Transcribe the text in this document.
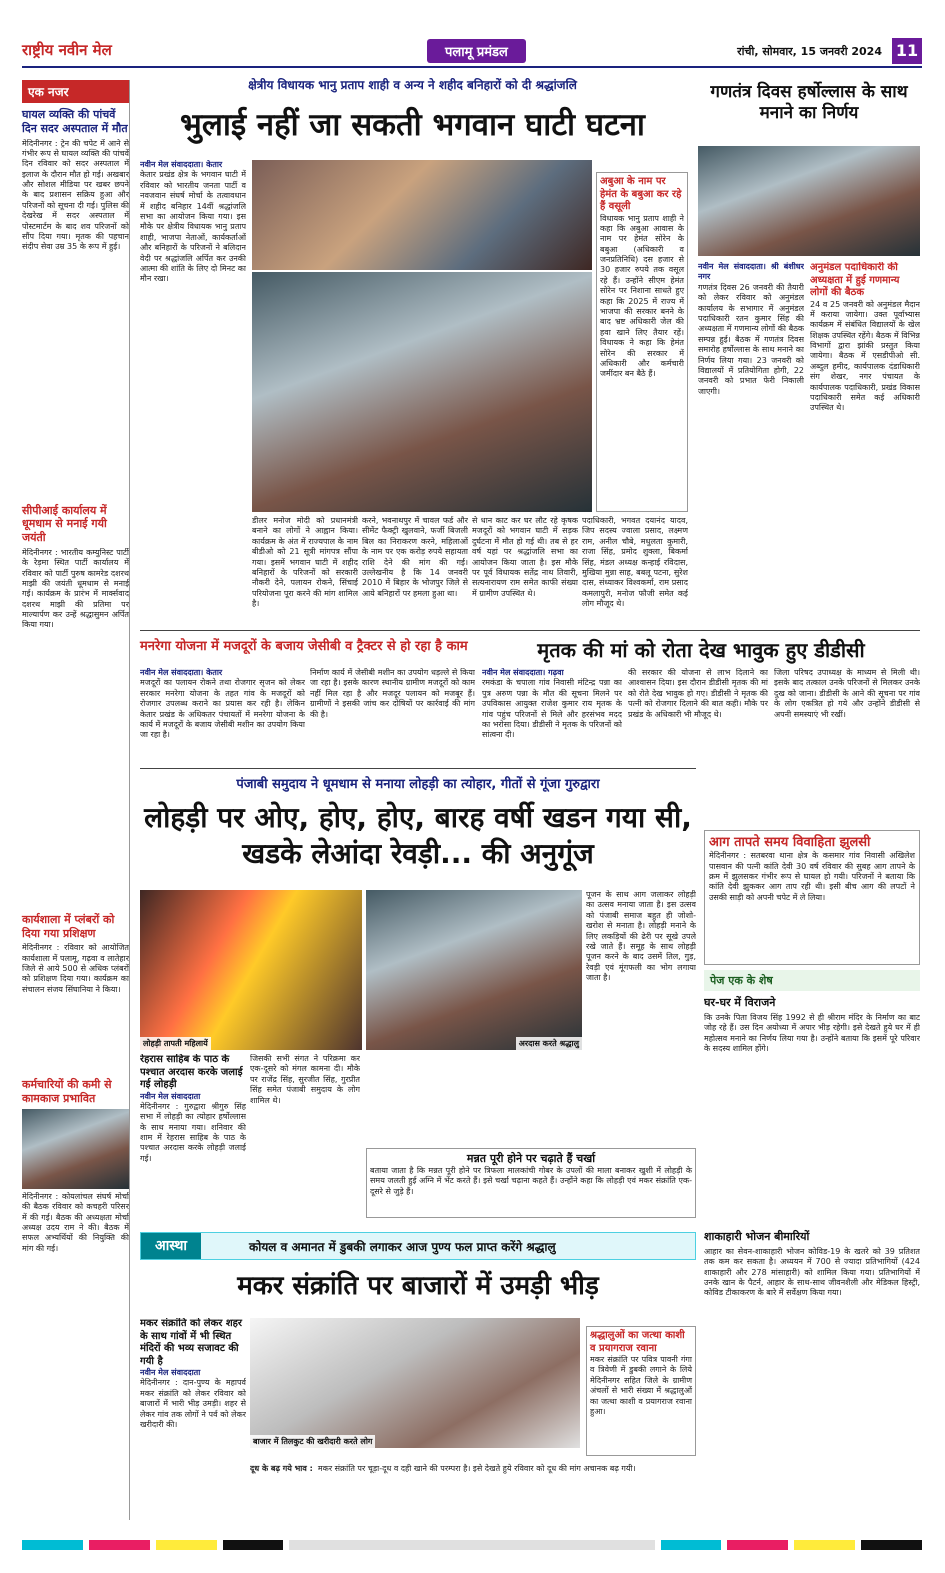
राष्ट्रीय नवीन मेल	पलामू प्रमंडल	रांची, सोमवार, 15 जनवरी 2024 11
एक नजर
घायल व्यक्ति की पांचवें दिन सदर अस्पताल में मौत
मेदिनीनगर : ट्रेन की चपेट में आने से गंभीर रूप से घायल व्यक्ति की पांचवें दिन रविवार को सदर अस्पताल में इलाज के दौरान मौत हो गई। अखबार और सोशल मीडिया पर खबर छपने के बाद प्रशासन सक्रिय हुआ और परिजनों को सूचना दी गई। पुलिस की देखरेख में सदर अस्पताल में पोस्टमार्टम के बाद शव परिजनों को सौंप दिया गया। मृतक की पहचान संदीप सेवा उम्र 35 के रूप में हुई।
सीपीआई कार्यालय में धूमधाम से मनाई गयी जयंती
मेदिनीनगर : भारतीय कम्युनिस्ट पार्टी के रेड़मा स्थित पार्टी कार्यालय में रविवार को पार्टी पुरुष कामरेड दशरथ माझी की जयंती धूमधाम से मनाई गई। कार्यक्रम के प्रारंभ में मार्क्सवाद दशरथ माझी की प्रतिमा पर माल्यार्पण कर उन्हें श्रद्धासुमन अर्पित किया गया।
कार्यशाला में प्लंबरों को दिया गया प्रशिक्षण
मेदिनीनगर : रविवार को आयोजित कार्यशाला में पलामू, गढ़वा व लातेहार जिले से आये 500 से अधिक प्लंबरों को प्रशिक्षण दिया गया। कार्यक्रम का संचालन संजय सिंघानिया ने किया।
कर्मचारियों की कमी से कामकाज प्रभावित
मेदिनीनगर : कोयलांचल संघर्ष मोर्चा की बैठक रविवार को कचहरी परिसर में की गई। बैठक की अध्यक्षता मोर्चा अध्यक्ष उदय राम ने की। बैठक में सफल अभ्यर्थियों की नियुक्ति की मांग की गई।
क्षेत्रीय विधायक भानु प्रताप शाही व अन्य ने शहीद बनिहारों को दी श्रद्धांजलि
भुलाई नहीं जा सकती भगवान घाटी घटना
नवीन मेल संवाददाता। केतार
केतार प्रखंड क्षेत्र के भगवान घाटी में रविवार को भारतीय जनता पार्टी व नवजवान संघर्ष मोर्चा के तत्वावधान में शहीद बनिहार 14वीं श्रद्धांजलि सभा का आयोजन किया गया। इस मौके पर क्षेत्रीय विधायक भानु प्रताप शाही, भाजपा नेताओं, कार्यकर्ताओं और बनिहारों के परिजनों ने बलिदान वेदी पर श्रद्धांजलि अर्पित कर उनकी आत्मा की शांति के लिए दो मिनट का मौन रखा।
अबुआ के नाम पर हेमंत के बबुआ कर रहे हैं वसूली
विधायक भानु प्रताप शाही ने कहा कि अबुआ आवास के नाम पर हेमंत सोरेन के बबुआ (अधिकारी व जनप्रतिनिधि) दस हजार से 30 हजार रुपये तक वसूल रहे हैं। उन्होंने सीएम हेमंत सोरेन पर निशाना साधते हुए कहा कि 2025 में राज्य में भाजपा की सरकार बनने के बाद भ्रष्ट अधिकारी जेल की हवा खाने लिए तैयार रहें। विधायक ने कहा कि हेमंत सोरेन की सरकार में अधिकारी और कर्मचारी जमींदार बन बैठे हैं।
डीलर मनोज मोदी को प्रधानमंत्री बनाने का लोगों ने आह्वान किया। कार्यक्रम के अंत में राज्यपाल के नाम बीडीओ को 21 सूत्री मांगपत्र सौंपा गया। इसमें भगवान घाटी में शहीद बनिहारों के परिजनों को सरकारी नौकरी देने, पलायन रोकने, सिंचाई परियोजना पूरा करने की मांग शामिल है।
करने, भवनाथपुर में चावल फर्ड और सीमेंट फैक्ट्री खुलवाने, फर्जी बिजली बिल का निराकरण करने, महिलाओं के नाम पर एक करोड़ रुपये सहायता राशि देने की मांग की गई। उल्लेखनीय है कि 14 जनवरी 2010 में बिहार के भोजपुर जिले से आये बनिहारों पर हमला हुआ था।
से धान काट कर घर लौट रहे कृषक मजदूरों को भगवान घाटी में सड़क दुर्घटना में मौत हो गई थी। तब से हर वर्ष यहां पर श्रद्धांजलि सभा का आयोजन किया जाता है। इस मौके पर पूर्व विधायक सतेंद्र नाथ तिवारी, सत्यनारायण राम समेत काफी संख्या में ग्रामीण उपस्थित थे।
पदाधिकारी, भगवत दयानंद यादव, जिप सदस्य ज्वाला प्रसाद, लक्ष्मण राम, अनील चौबे, मधुलता कुमारी, राजा सिंह, प्रमोद शुक्ला, बिकर्मा सिंह, मंडल अध्यक्ष कन्हाई रविदास, मुखिया मुन्ना साह, बबलू पटना, सुरेश दास, संध्याकर विश्वकर्मा, राम प्रसाद कमलापुरी, मनोज फौजी समेत कई लोग मौजूद थे।
गणतंत्र दिवस हर्षोल्लास के साथ मनाने का निर्णय
नवीन मेल संवाददाता। श्री बंशीधर नगर
गणतंत्र दिवस 26 जनवरी की तैयारी को लेकर रविवार को अनुमंडल कार्यालय के सभागार में अनुमंडल पदाधिकारी रतन कुमार सिंह की अध्यक्षता में गणमान्य लोगों की बैठक सम्पन्न हुई। बैठक में गणतंत्र दिवस समारोह हर्षोल्लास के साथ मनाने का निर्णय लिया गया। 23 जनवरी को विद्यालयों में प्रतियोगिता होगी, 22 जनवरी को प्रभात फेरी निकाली जाएगी।
अनुमंडल पदाधिकारी की अध्यक्षता में हुई गणमान्य लोगों की बैठक
24 व 25 जनवरी को अनुमंडल मैदान में कराया जायेगा। उक्त पूर्वाभ्यास कार्यक्रम में संबंधित विद्यालयों के खेल शिक्षक उपस्थित रहेंगे। बैठक में विभिन्न विभागों द्वारा झांकी प्रस्तुत किया जायेगा। बैठक में एसडीपीओ सी. अब्दुल हमीद, कार्यपालक दंडाधिकारी संग शेखर, नगर पंचायत के कार्यपालक पदाधिकारी, प्रखंड विकास पदाधिकारी समेत कई अधिकारी उपस्थित थे।
मनरेगा योजना में मजदूरों के बजाय जेसीबी व ट्रैक्टर से हो रहा है काम
नवीन मेल संवाददाता। केतार
मजदूरों का पलायन रोकने तथा रोजगार सृजन को लेकर सरकार मनरेगा योजना के तहत गांव के मजदूरों को रोजगार उपलब्ध कराने का प्रयास कर रही है। लेकिन केतार प्रखंड के अधिकतर पंचायतों में मनरेगा योजना के कार्य में मजदूरों के बजाय जेसीबी मशीन का उपयोग किया जा रहा है।
निर्माण कार्य में जेसीबी मशीन का उपयोग धड़ल्ले से किया जा रहा है। इसके कारण स्थानीय ग्रामीण मजदूरों को काम नहीं मिल रहा है और मजदूर पलायन को मजबूर हैं। ग्रामीणों ने इसकी जांच कर दोषियों पर कार्रवाई की मांग की है।
मृतक की मां को रोता देख भावुक हुए डीडीसी
नवीन मेल संवाददाता। गढ़वा
रमकंडा के चपाला गांव निवासी मंटिन्द्र पन्ना का पुत्र अरुण पन्ना के मौत की सूचना मिलने पर उपविकास आयुक्त राजेश कुमार राय मृतक के गांव पहुंच परिजनों से मिले और हरसंभव मदद का भरोसा दिया। डीडीसी ने मृतक के परिजनों को सांत्वना दी।
की सरकार की योजना से लाभ दिलाने का आश्वासन दिया। इस दौरान डीडीसी मृतक की मां को रोते देख भावुक हो गए। डीडीसी ने मृतक की पत्नी को रोजगार दिलाने की बात कही। मौके पर प्रखंड के अधिकारी भी मौजूद थे।
जिला परिषद उपाध्यक्ष के माध्यम से मिली थी। इसके बाद तत्काल उनके परिजनों से मिलकर उनके दुख को जाना। डीडीसी के आने की सूचना पर गांव के लोग एकत्रित हो गये और उन्होंने डीडीसी से अपनी समस्याएं भी रखीं।
पंजाबी समुदाय ने धूमधाम से मनाया लोहड़ी का त्योहार, गीतों से गूंजा गुरुद्वारा
लोहड़ी पर ओए, होए, होए, बारह वर्षी खडन गया सी, खडके लेआंदा रेवड़ी... की अनुगूंज
लोहड़ी तापती महिलायें	अरदास करते श्रद्धालु
पूजन के साथ आग जलाकर लोहड़ी का उत्सव मनाया जाता है। इस उत्सव को पंजाबी समाज बहुत ही जोशो-खरोश से मनाता है। लोहड़ी मनाने के लिए लकड़ियों की ढेरी पर सूखे उपले रखे जाते हैं। समूह के साथ लोहड़ी पूजन करने के बाद उसमें तिल, गुड़, रेवड़ी एवं मूंगफली का भोग लगाया जाता है।
रेहरास साहिब के पाठ के पश्चात अरदास करके जलाई गई लोहड़ी
नवीन मेल संवाददाता
मेदिनीनगर : गुरुद्वारा श्रीगुरु सिंह सभा में लोहड़ी का त्योहार हर्षोल्लास के साथ मनाया गया। शनिवार की शाम में रेहरास साहिब के पाठ के पश्चात अरदास करके लोहड़ी जलाई गई।
जिसकी सभी संगत ने परिक्रमा कर एक-दूसरे को मंगल कामना दी। मौके पर राजेंद्र सिंह, सुरजीत सिंह, गुरप्रीत सिंह समेत पंजाबी समुदाय के लोग शामिल थे।
मन्नत पूरी होने पर चढ़ाते हैं चर्खा
बताया जाता है कि मन्नत पूरी होने पर त्रिफला मालकांची गोबर के उपलों की माला बनाकर खुशी में लोहड़ी के समय जलती हुई अग्नि में भेंट करते हैं। इसे चर्खा चढ़ाना कहते हैं। उन्होंने कहा कि लोहड़ी एवं मकर संक्रांति एक-दूसरे से जुड़े हैं।
आग तापते समय विवाहिता झुलसी
मेदिनीनगर : सतबरवा थाना क्षेत्र के कसमार गांव निवासी अखिलेश पासवान की पत्नी कांति देवी 30 वर्ष रविवार की सुबह आग तापने के क्रम में झुलसकर गंभीर रूप से घायल हो गयी। परिजनों ने बताया कि कांति देवी झुककर आग ताप रही थी। इसी बीच आग की लपटों ने उसकी साड़ी को अपनी चपेट में ले लिया।
पेज एक के शेष
घर-घर में विराजने
कि उनके पिता विजय सिंह 1992 से ही श्रीराम मंदिर के निर्माण का बाट जोह रहे हैं। उस दिन अयोध्या में अपार भीड़ रहेगी। इसे देखते हुये घर में ही महोत्सव मनाने का निर्णय लिया गया है। उन्होंने बताया कि इसमें पूरे परिवार के सदस्य शामिल होंगे।
शाकाहारी भोजन बीमारियों
आहार का सेवन-शाकाहारी भोजन कोविड-19 के खतरे को 39 प्रतिशत तक कम कर सकता है। अध्ययन में 700 से ज्यादा प्रतिभागियों (424 शाकाहारी और 278 मांसाहारी) को शामिल किया गया। प्रतिभागियों में उनके खान के पैटर्न, आहार के साथ-साथ जीवनशैली और मेडिकल हिस्ट्री, कोविड टीकाकरण के बारे में सर्वेक्षण किया गया।
आस्था	कोयल व अमानत में डुबकी लगाकर आज पुण्य फल प्राप्त करेंगे श्रद्धालु
मकर संक्रांति पर बाजारों में उमड़ी भीड़
मकर संक्रांति को लेकर शहर के साथ गांवों में भी स्थित मंदिरों की भव्य सजावट की गयी है
नवीन मेल संवाददाता
मेदिनीनगर : दान-पुण्य के महापर्व मकर संक्रांति को लेकर रविवार को बाजारों में भारी भीड़ उमड़ी। शहर से लेकर गांव तक लोगों ने पर्व को लेकर खरीदारी की।
बाजार में तिलकुट की खरीदारी करते लोग
श्रद्धालुओं का जत्था काशी व प्रयागराज रवाना
मकर संक्रांति पर पवित्र पावनी गंगा व त्रिवेणी में डुबकी लगाने के लिये मेदिनीनगर सहित जिले के ग्रामीण अंचलों से भारी संख्या में श्रद्धालुओं का जत्था काशी व प्रयागराज रवाना हुआ।
दूध के बढ़ गये भाव : मकर संक्रांति पर चूड़ा-दूध व दही खाने की परम्परा है। इसे देखते हुये रविवार को दूध की मांग अचानक बढ़ गयी।
